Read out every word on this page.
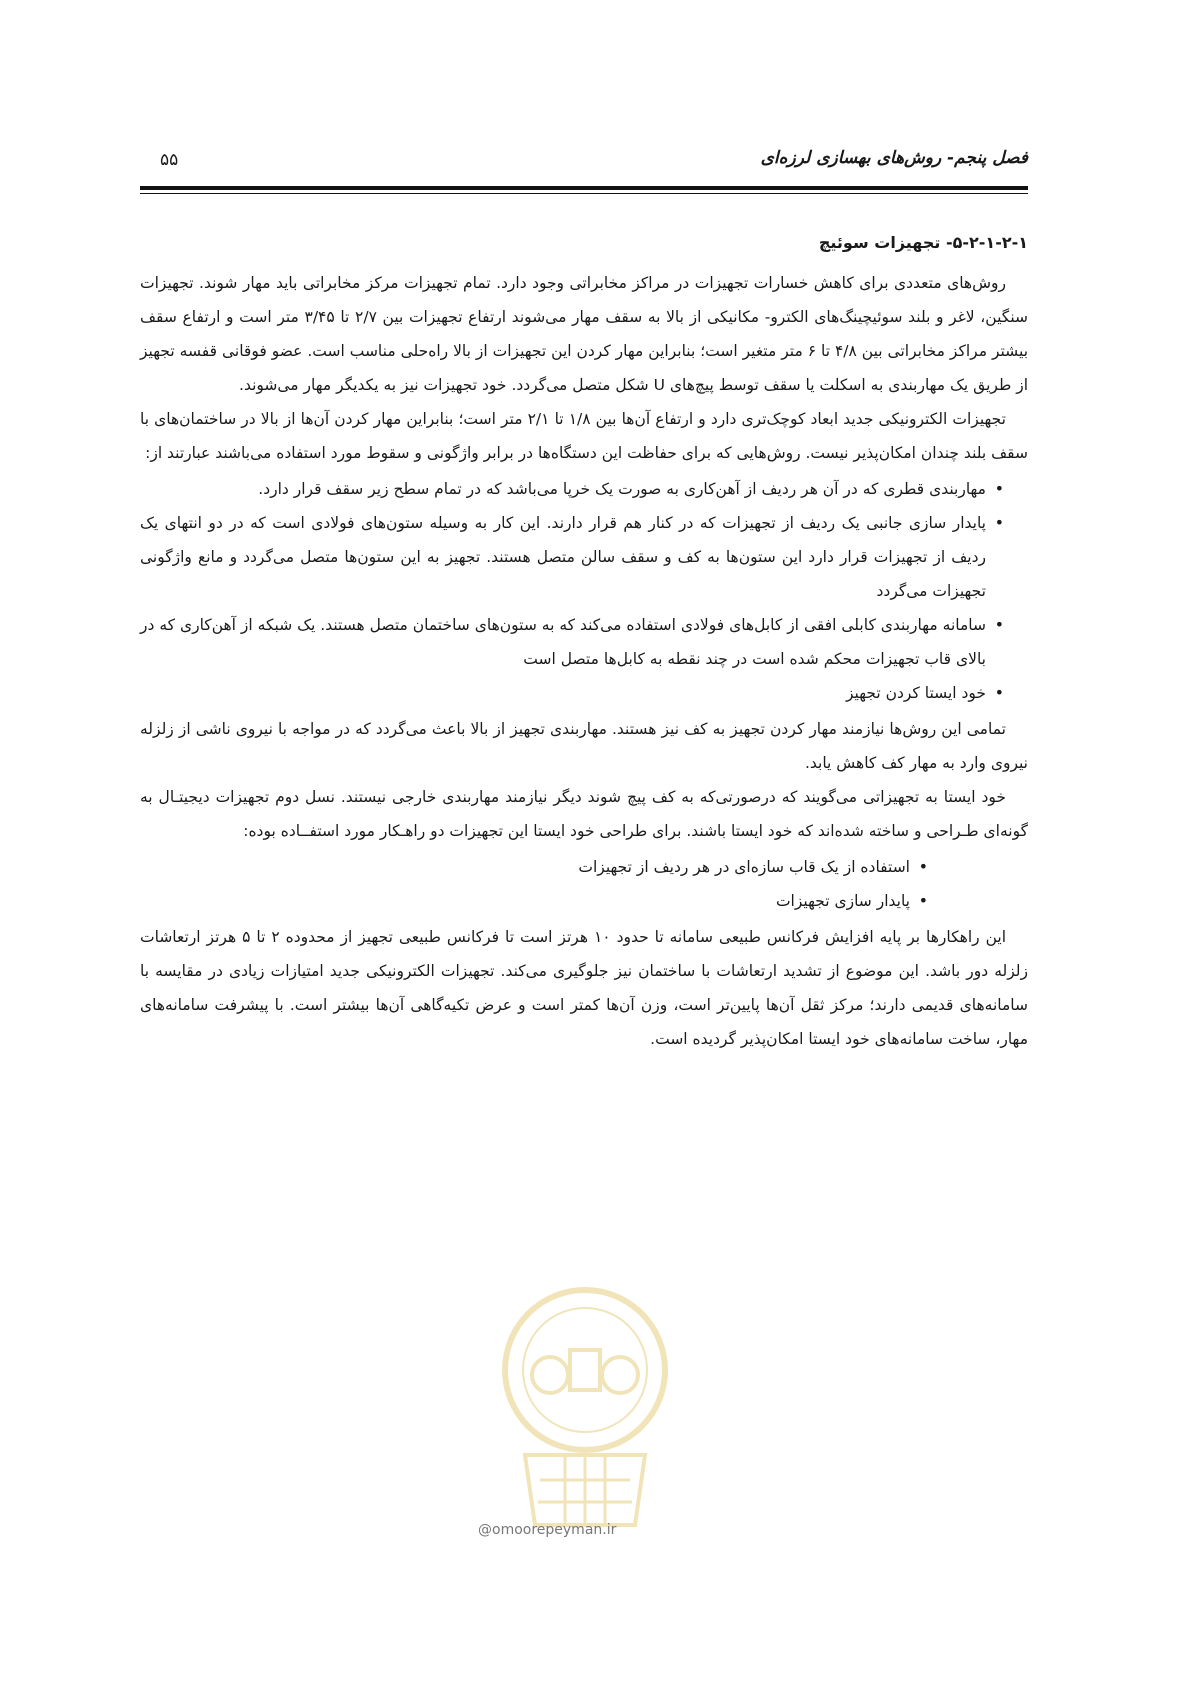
فصل پنجم- روش‌های بهسازی لرزه‌ای
۵۵
۵-۲-۱-۲-۱- تجهیزات سوئیچ

روش‌های متعددی برای کاهش خسارات تجهیزات در مراکز مخابراتی وجود دارد. تمام تجهیزات مرکز مخابراتی باید مهار شوند. تجهیزات سنگین، لاغر و بلند سوئیچینگ‌های الکترو- مکانیکی از بالا به سقف مهار می‌شوند ارتفاع تجهیزات بین ۲/۷ تا ۳/۴۵ متر است و ارتفاع سقف بیشتر مراکز مخابراتی بین ۴/۸ تا ۶ متر متغیر است؛ بنابراین مهار کردن این تجهیزات از بالا راه‌حلی مناسب است. عضو فوقانی قفسه تجهیز از طریق یک مهاربندی به اسکلت یا سقف توسط پیچ‌های U شکل متصل می‌گردد. خود تجهیزات نیز به یکدیگر مهار می‌شوند.

تجهیزات الکترونیکی جدید ابعاد کوچک‌تری دارد و ارتفاع آن‌ها بین ۱/۸ تا ۲/۱ متر است؛ بنابراین مهار کردن آن‌ها از بالا در ساختمان‌های با سقف بلند چندان امکان‌پذیر نیست. روش‌هایی که برای حفاظت این دستگاه‌ها در برابر واژگونی و سقوط مورد استفاده می‌باشند عبارتند از:

• مهاربندی قطری که در آن هر ردیف از آهن‌کاری به صورت یک خرپا می‌باشد که در تمام سطح زیر سقف قرار دارد.
• پایدار سازی جانبی یک ردیف از تجهیزات که در کنار هم قرار دارند. این کار به وسیله ستون‌های فولادی است که در دو انتهای یک ردیف از تجهیزات قرار دارد این ستون‌ها به کف و سقف سالن متصل هستند. تجهیز به این ستون‌ها متصل می‌گردد و مانع واژگونی تجهیزات می‌گردد
• سامانه مهاربندی کابلی افقی از کابل‌های فولادی استفاده می‌کند که به ستون‌های ساختمان متصل هستند. یک شبکه از آهن‌کاری که در بالای قاب تجهیزات محکم شده است در چند نقطه به کابل‌ها متصل است
• خود ایستا کردن تجهیز

تمامی این روش‌ها نیازمند مهار کردن تجهیز به کف نیز هستند. مهاربندی تجهیز از بالا باعث می‌گردد که در مواجه با نیروی ناشی از زلزله نیروی وارد به مهار کف کاهش یابد.

خود ایستا به تجهیزاتی می‌گویند که درصورتی‌که به کف پیچ شوند دیگر نیازمند مهاربندی خارجی نیستند. نسل دوم تجهیزات دیجیتـال به گونه‌ای طـراحی و ساخته شده‌اند که خود ایستا باشند. برای طراحی خود ایستا این تجهیزات دو راهـکار مورد استفــاده بوده:

• استفاده از یک قاب سازه‌ای در هر ردیف از تجهیزات
• پایدار سازی تجهیزات

این راهکارها بر پایه افزایش فرکانس طبیعی سامانه تا حدود ۱۰ هرتز است تا فرکانس طبیعی تجهیز از محدوده ۲ تا ۵ هرتز ارتعاشات زلزله دور باشد. این موضوع از تشدید ارتعاشات با ساختمان نیز جلوگیری می‌کند. تجهیزات الکترونیکی جدید امتیازات زیادی در مقایسه با سامانه‌های قدیمی دارند؛ مرکز ثقل آن‌ها پایین‌تر است، وزن آن‌ها کمتر است و عرض تکیه‌گاهی آن‌ها بیشتر است. با پیشرفت سامانه‌های مهار، ساخت سامانه‌های خود ایستا امکان‌پذیر گردیده است.

@omoorepeyman.ir
